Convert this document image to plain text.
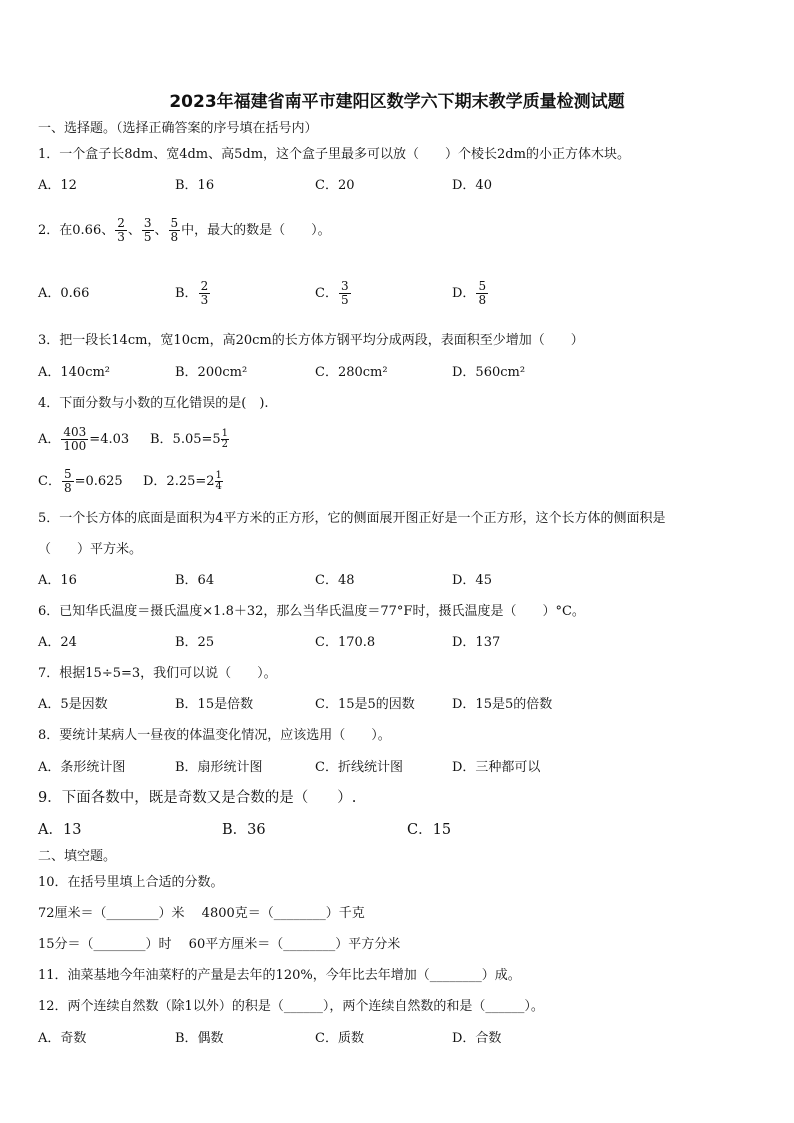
2023年福建省南平市建阳区数学六下期末教学质量检测试题
一、选择题。（选择正确答案的序号填在括号内）
1．一个盒子长8dm、宽4dm、高5dm，这个盒子里最多可以放（　　）个棱长2dm的小正方体木块。
A．12	B．16	C．20	D．40
2．在0.66、 $\frac{2}{3}$ 、 $\frac{3}{5}$ 、 $\frac{5}{8}$ 中，最大的数是（　　）。
A．0.66	B． $\frac{2}{3}$	C． $\frac{3}{5}$	D． $\frac{5}{8}$
3．把一段长14cm，宽10cm，高20cm的长方体方钢平均分成两段，表面积至少增加（　　）
A．140cm²	B．200cm²	C．280cm²	D．560cm²
4．下面分数与小数的互化错误的是(　).
A． $\frac{403}{100} =4.03$ B．$5.05=5 \frac{1}{2}$
C． $\frac{5}{8} =0.625$ D．$2.25=2 \frac{1}{4}$
5．一个长方体的底面是面积为4平方米的正方形，它的侧面展开图正好是一个正方形，这个长方体的侧面积是
（　　）平方米。
A．16	B．64	C．48	D．45
6．已知华氏温度＝摄氏温度×1.8＋32，那么当华氏温度＝77°F时，摄氏温度是（　　）°C。
A．24	B．25	C．170.8	D．137
7．根据15÷5=3，我们可以说（　　）。
A．5是因数	B．15是倍数	C．15是5的因数	D．15是5的倍数
8．要统计某病人一昼夜的体温变化情况，应该选用（　　）。
A．条形统计图	B．扇形统计图	C．折线统计图	D．三种都可以
9．下面各数中，既是奇数又是合数的是（　　）.
A．13	B．36	C．15
二、填空题。
10．在括号里填上合适的分数。
72厘米＝（________）米　 4800克＝（________）千克
15分＝（________）时　 60平方厘米＝（________）平方分米
11．油菜基地今年油菜籽的产量是去年的120%，今年比去年增加（________）成。
12．两个连续自然数（除1以外）的积是（______），两个连续自然数的和是（______）。
A．奇数	B．偶数	C．质数	D．合数
